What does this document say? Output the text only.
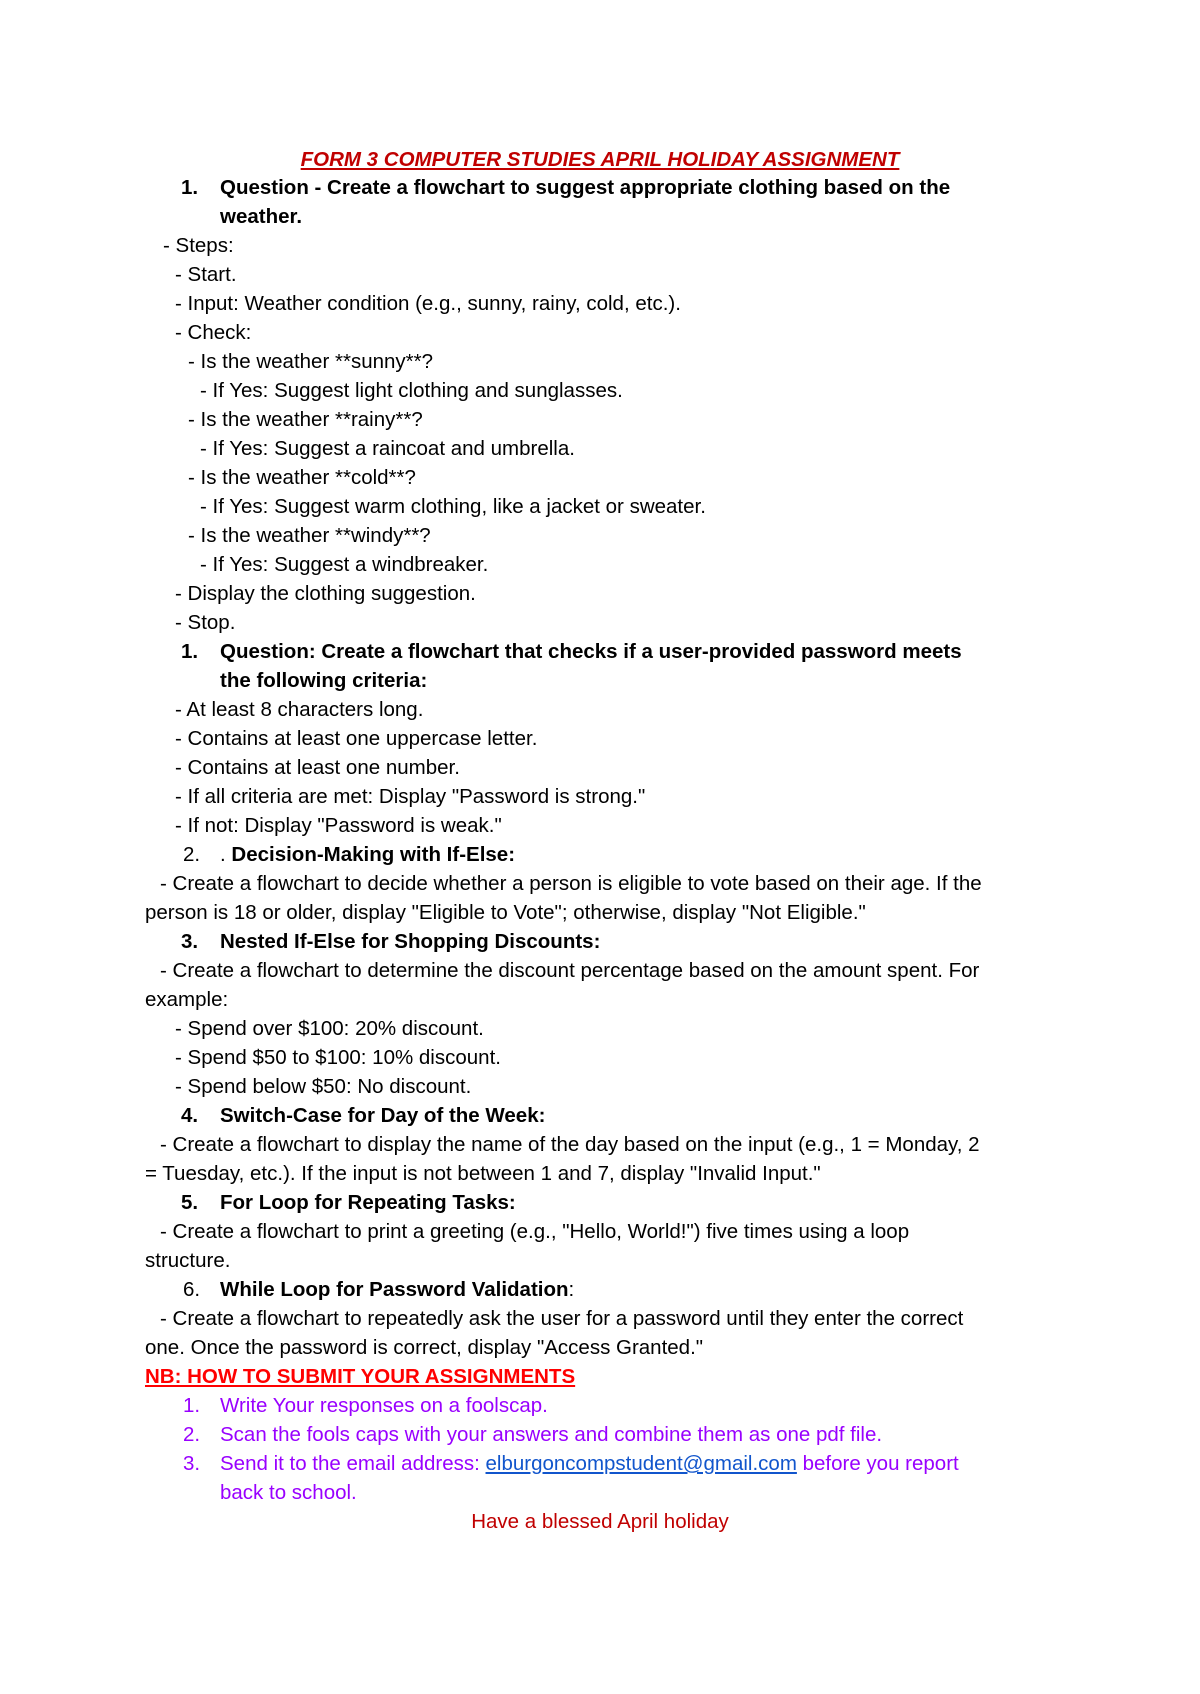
FORM 3 COMPUTER STUDIES APRIL HOLIDAY ASSIGNMENT
1. Question - Create a flowchart to suggest appropriate clothing based on the
weather.
- Steps:
- Start.
- Input: Weather condition (e.g., sunny, rainy, cold, etc.).
- Check:
- Is the weather **sunny**?
- If Yes: Suggest light clothing and sunglasses.
- Is the weather **rainy**?
- If Yes: Suggest a raincoat and umbrella.
- Is the weather **cold**?
- If Yes: Suggest warm clothing, like a jacket or sweater.
- Is the weather **windy**?
- If Yes: Suggest a windbreaker.
- Display the clothing suggestion.
- Stop.
1. Question: Create a flowchart that checks if a user-provided password meets
the following criteria:
- At least 8 characters long.
- Contains at least one uppercase letter.
- Contains at least one number.
- If all criteria are met: Display "Password is strong."
- If not: Display "Password is weak."
2. . Decision-Making with If-Else:
- Create a flowchart to decide whether a person is eligible to vote based on their age. If the
person is 18 or older, display "Eligible to Vote"; otherwise, display "Not Eligible."
3. Nested If-Else for Shopping Discounts:
- Create a flowchart to determine the discount percentage based on the amount spent. For
example:
- Spend over $100: 20% discount.
- Spend $50 to $100: 10% discount.
- Spend below $50: No discount.
4. Switch-Case for Day of the Week:
- Create a flowchart to display the name of the day based on the input (e.g., 1 = Monday, 2
= Tuesday, etc.). If the input is not between 1 and 7, display "Invalid Input."
5. For Loop for Repeating Tasks:
- Create a flowchart to print a greeting (e.g., "Hello, World!") five times using a loop
structure.
6. While Loop for Password Validation:
- Create a flowchart to repeatedly ask the user for a password until they enter the correct
one. Once the password is correct, display "Access Granted."
NB: HOW TO SUBMIT YOUR ASSIGNMENTS
1. Write Your responses on a foolscap.
2. Scan the fools caps with your answers and combine them as one pdf file.
3. Send it to the email address: elburgoncompstudent@gmail.com before you report
back to school.
Have a blessed April holiday
